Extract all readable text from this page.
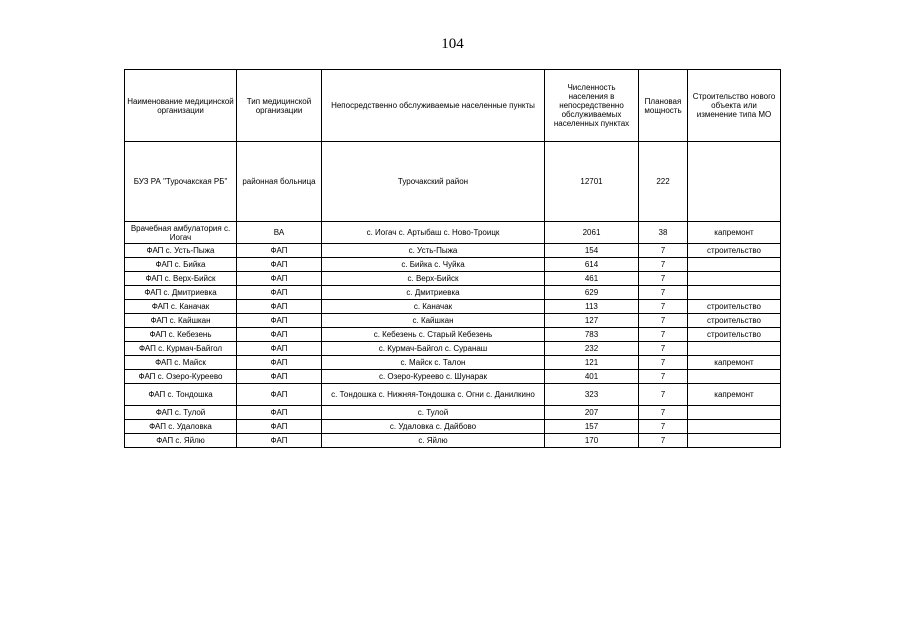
104
Наименование медицинской организации	Тип медицинской организации	Непосредственно обслуживаемые населенные пункты	Численность населения в непосредственно обслуживаемых населенных пунктах	Плановая мощность	Строительство нового объекта или изменение типа МО
БУЗ РА "Турочакская РБ"	районная больница	Турочакский район	12701	222	
Врачебная амбулатория с. Иогач	ВА	с. Иогач с. Артыбаш с. Ново-Троицк	2061	38	капремонт
ФАП с. Усть-Пыжа	ФАП	с. Усть-Пыжа	154	7	строительство
ФАП с. Бийка	ФАП	с. Бийка с. Чуйка	614	7	
ФАП с. Верх-Бийск	ФАП	с. Верх-Бийск	461	7	
ФАП с. Дмитриевка	ФАП	с. Дмитриевка	629	7	
ФАП с. Каначак	ФАП	с. Каначак	113	7	строительство
ФАП с. Кайшкан	ФАП	с. Кайшкан	127	7	строительство
ФАП с. Кебезень	ФАП	с. Кебезень с. Старый Кебезень	783	7	строительство
ФАП с. Курмач-Байгол	ФАП	с. Курмач-Байгол с. Суранаш	232	7	
ФАП с. Майск	ФАП	с. Майск с. Талон	121	7	капремонт
ФАП с. Озеро-Куреево	ФАП	с. Озеро-Куреево с. Шунарак	401	7	
ФАП с. Тондошка	ФАП	с. Тондошка с. Нижняя-Тондошка с. Огни с. Данилкино	323	7	капремонт
ФАП с. Тулой	ФАП	с. Тулой	207	7	
ФАП с. Удаловка	ФАП	с. Удаловка с. Дайбово	157	7	
ФАП с. Яйлю	ФАП	с. Яйлю	170	7	
